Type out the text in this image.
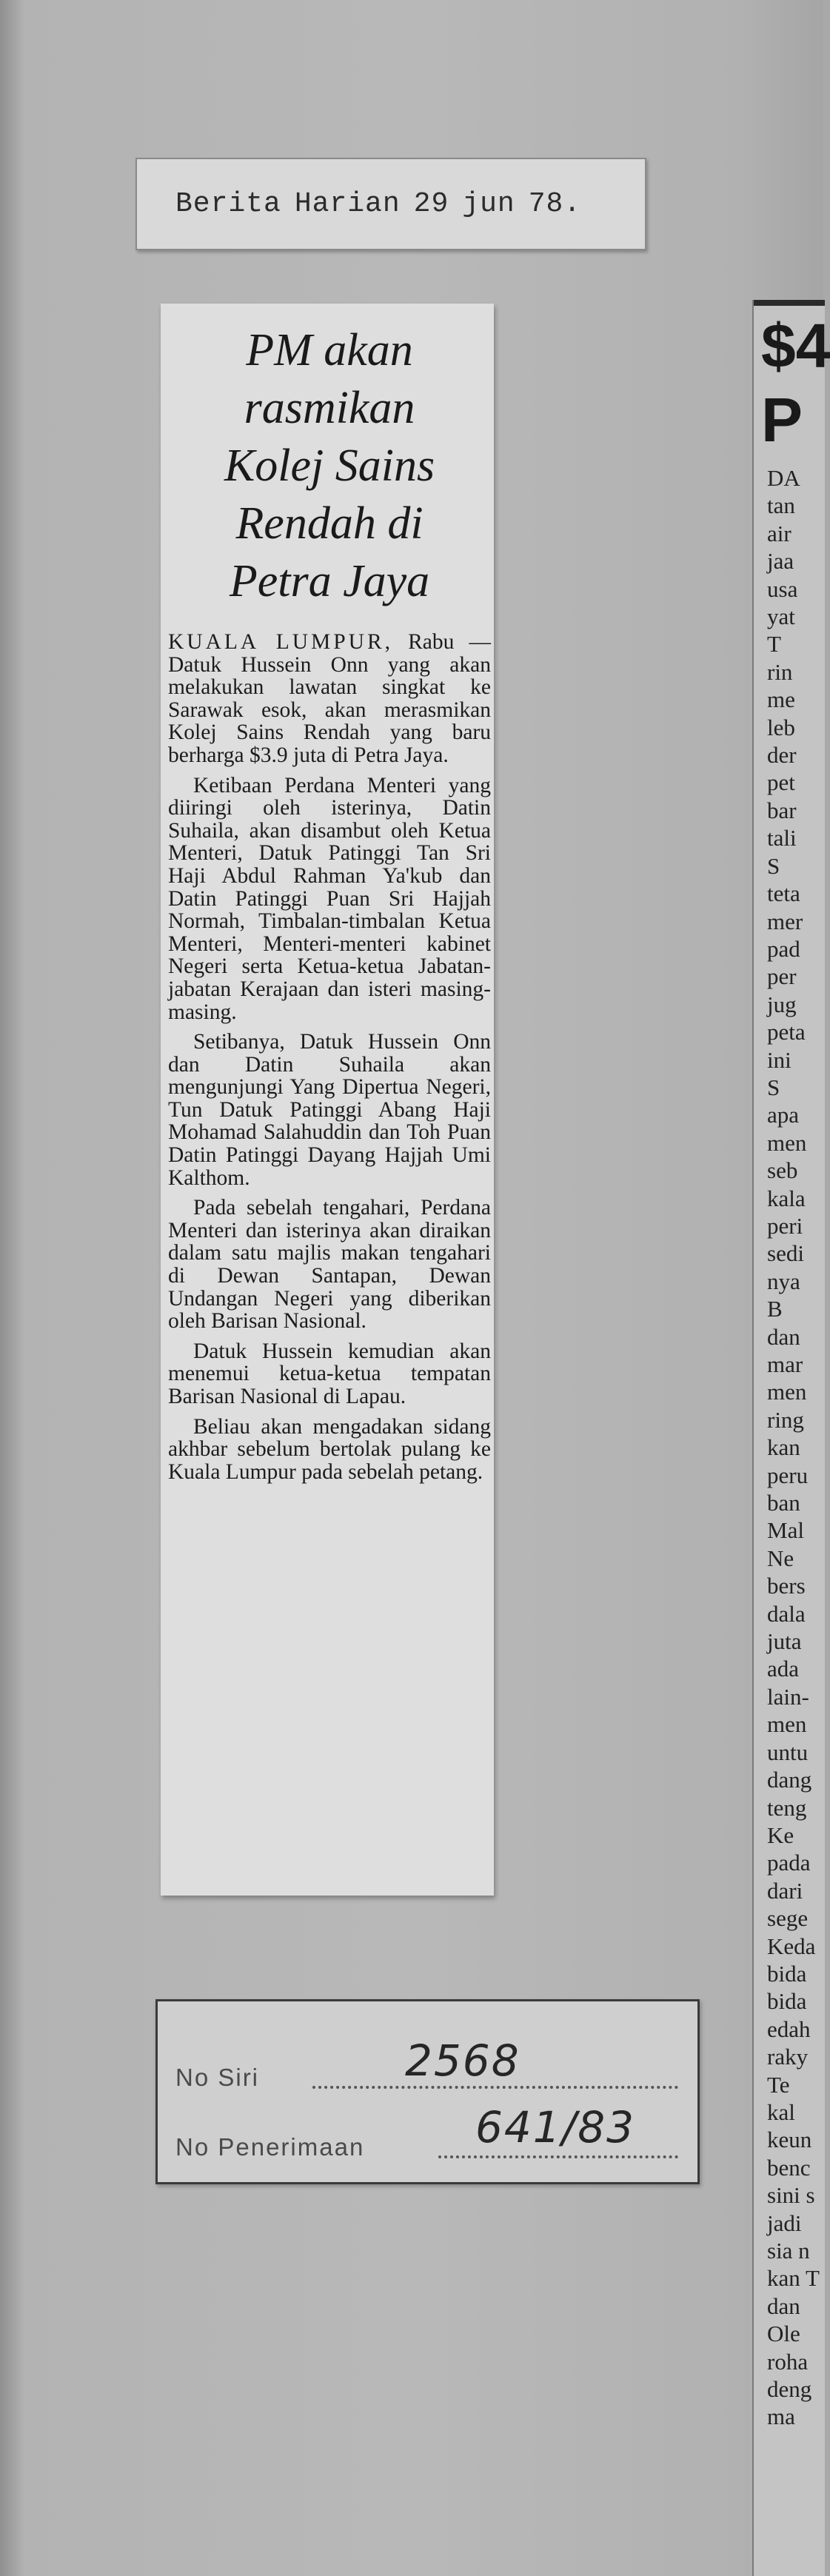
Berita Harian 29 jun 78.
PM akan
rasmikan
Kolej Sains
Rendah di
Petra Jaya

KUALA LUMPUR, Rabu — Datuk Hussein Onn yang akan melakukan lawatan singkat ke Sarawak esok, akan merasmikan Kolej Sains Rendah yang baru berharga $3.9 juta di Petra Jaya.

Ketibaan Perdana Menteri yang diiringi oleh isterinya, Datin Suhaila, akan disambut oleh Ketua Menteri, Datuk Patinggi Tan Sri Haji Abdul Rahman Ya'kub dan Datin Patinggi Puan Sri Hajjah Normah, Timbalan-timbalan Ketua Menteri, Menteri-menteri kabinet Negeri serta Ketua-ketua Jabatan-jabatan Kerajaan dan isteri masing-masing.

Setibanya, Datuk Hussein Onn dan Datin Suhaila akan mengunjungi Yang Dipertua Negeri, Tun Datuk Patinggi Abang Haji Mohamad Salahuddin dan Toh Puan Datin Patinggi Dayang Hajjah Umi Kalthom.

Pada sebelah tengahari, Perdana Menteri dan isterinya akan diraikan dalam satu majlis makan tengahari di Dewan Santapan, Dewan Undangan Negeri yang diberikan oleh Barisan Nasional.

Datuk Hussein kemudian akan menemui ketua-ketua tempatan Barisan Nasional di Lapau.

Beliau akan mengadakan sidang akhbar sebelum bertolak pulang ke Kuala Lumpur pada sebelah petang.

No Siri	2568
No Penerimaan	641/83
$4
P
DA
tan
air
jaa
usa
yat
T
rin
me
leb
der
pet
bar
tali
S
teta
mer
pad
per
jug
peta
ini
S
apa
men
seb
kala
peri
sedi
nya
B
dan
mar
men
ring
kan
peru
ban
Mal
Ne
bers
dala
juta
ada
lain-
men
untu
dang
teng
Ke
pada
dari
sege
Keda
bida
bida
edah
raky
Te
kal
keun
benc
sini s
jadi
sia n
kan T
dan
Ole
roha
deng
ma
